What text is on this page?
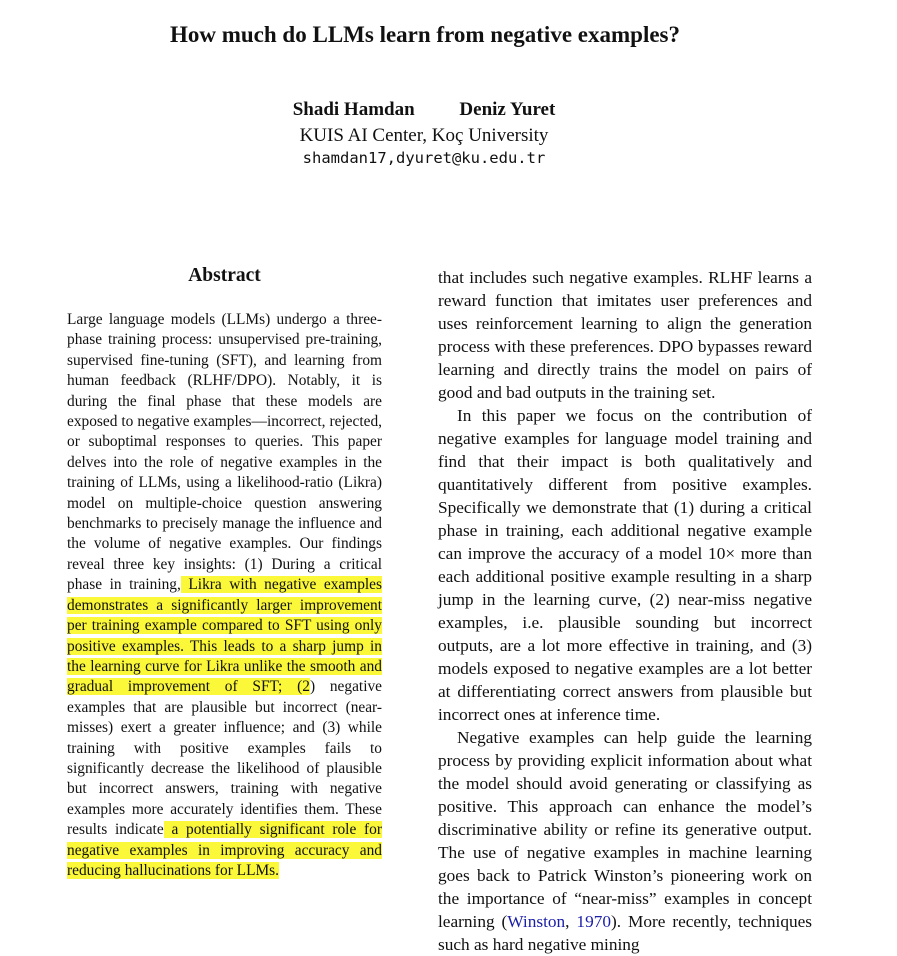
How much do LLMs learn from negative examples?
Shadi Hamdan Deniz Yuret
KUIS AI Center, Koç University
shamdan17,dyuret@ku.edu.tr
Abstract
Large language models (LLMs) undergo a three-phase training process: unsupervised pre-training, supervised fine-tuning (SFT), and learning from human feedback (RLHF/DPO). Notably, it is during the final phase that these models are exposed to negative examples—incorrect, rejected, or suboptimal responses to queries. This paper delves into the role of negative examples in the training of LLMs, using a likelihood-ratio (Likra) model on multiple-choice question answering benchmarks to precisely manage the influence and the volume of negative examples. Our findings reveal three key insights: (1) During a critical phase in training, Likra with negative examples demonstrates a significantly larger improvement per training example compared to SFT using only positive examples. This leads to a sharp jump in the learning curve for Likra unlike the smooth and gradual improvement of SFT; (2) negative examples that are plausible but incorrect (near-misses) exert a greater influence; and (3) while training with positive examples fails to significantly decrease the likelihood of plausible but incorrect answers, training with negative examples more accurately identifies them. These results indicate a potentially significant role for negative examples in improving accuracy and reducing hallucinations for LLMs.

that includes such negative examples. RLHF learns a reward function that imitates user preferences and uses reinforcement learning to align the generation process with these preferences. DPO bypasses reward learning and directly trains the model on pairs of good and bad outputs in the training set.

In this paper we focus on the contribution of negative examples for language model training and find that their impact is both qualitatively and quantitatively different from positive examples. Specifically we demonstrate that (1) during a critical phase in training, each additional negative example can improve the accuracy of a model 10× more than each additional positive example resulting in a sharp jump in the learning curve, (2) near-miss negative examples, i.e. plausible sounding but incorrect outputs, are a lot more effective in training, and (3) models exposed to negative examples are a lot better at differentiating correct answers from plausible but incorrect ones at inference time.

Negative examples can help guide the learning process by providing explicit information about what the model should avoid generating or classifying as positive. This approach can enhance the model’s discriminative ability or refine its generative output. The use of negative examples in machine learning goes back to Patrick Winston’s pioneering work on the importance of “near-miss” examples in concept learning (Winston, 1970). More recently, techniques such as hard negative mining
